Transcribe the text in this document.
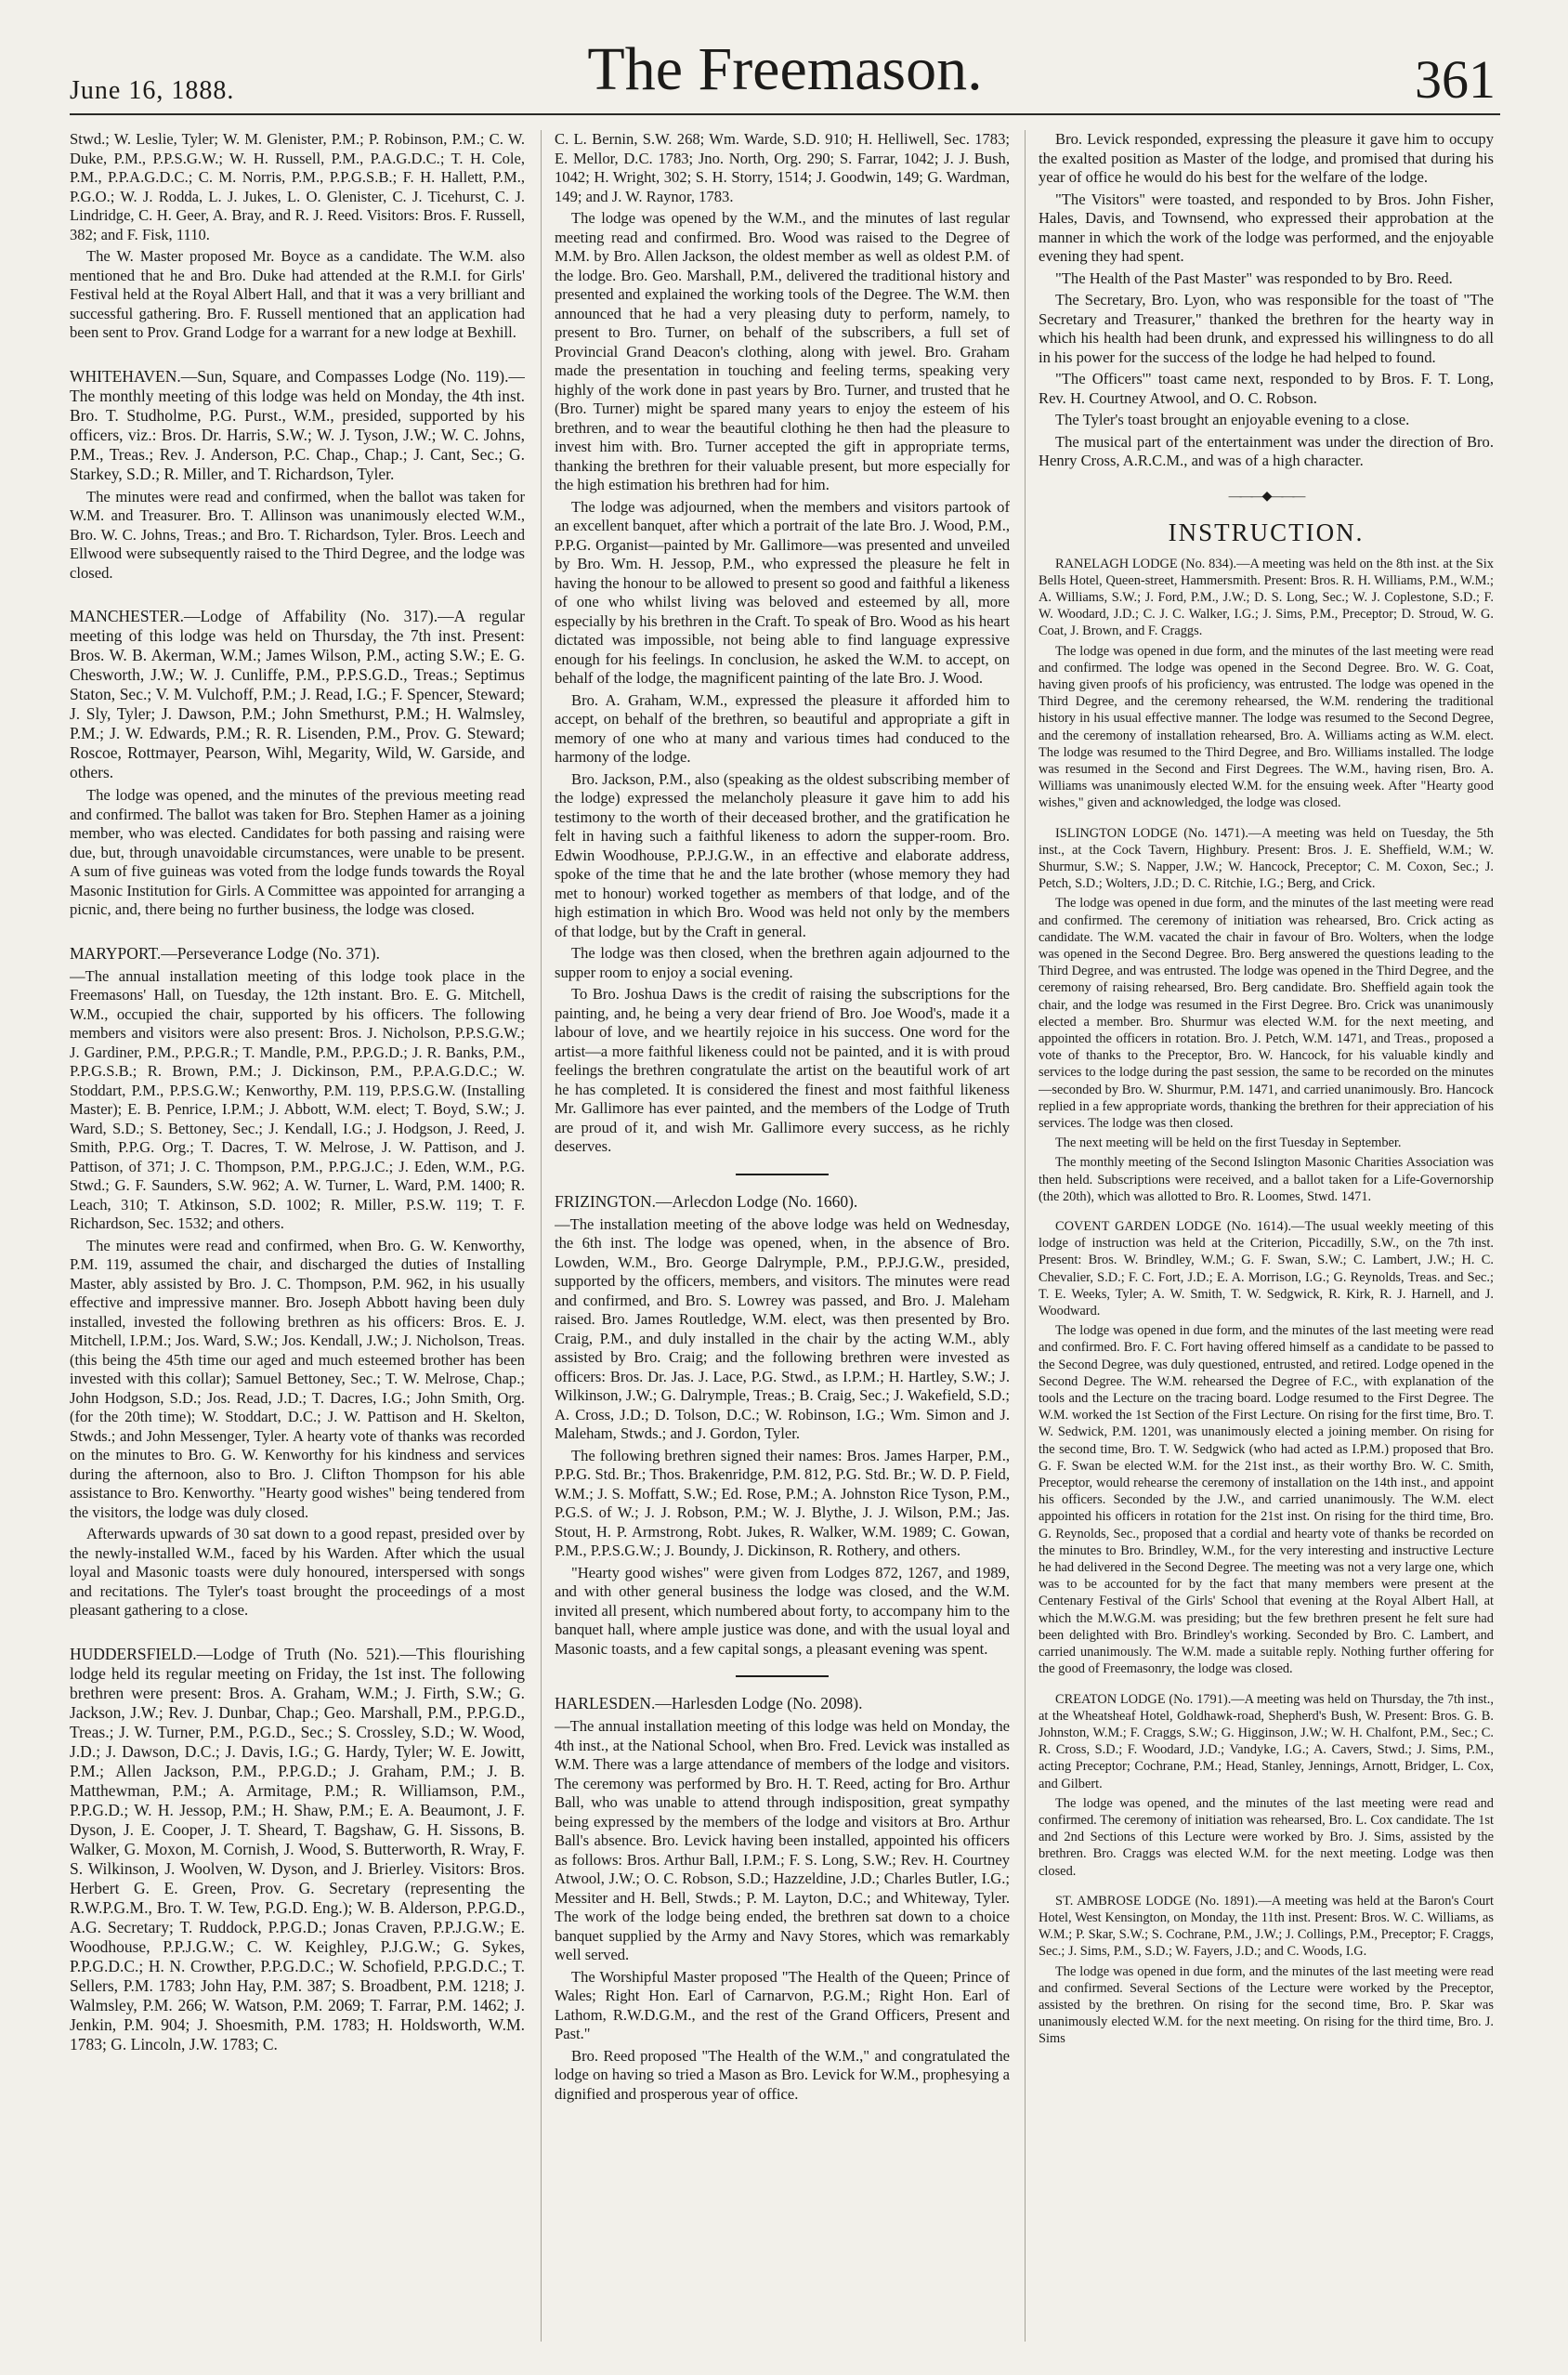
June 16, 1888.	The Freemason.	361

Stwd.; W. Leslie, Tyler; W. M. Glenister, P.M.; P. Robinson, P.M.; C. W. Duke, P.M., P.P.S.G.W.; W. H. Russell, P.M., P.A.G.D.C.; T. H. Cole, P.M., P.P.A.G.D.C.; C. M. Norris, P.M., P.P.G.S.B.; F. H. Hallett, P.M., P.G.O.; W. J. Rodda, L. J. Jukes, L. O. Glenister, C. J. Ticehurst, C. J. Lindridge, C. H. Geer, A. Bray, and R. J. Reed. Visitors: Bros. F. Russell, 382; and F. Fisk, 1110.

The W. Master proposed Mr. Boyce as a candidate. The W.M. also mentioned that he and Bro. Duke had attended at the R.M.I. for Girls' Festival held at the Royal Albert Hall, and that it was a very brilliant and successful gathering. Bro. F. Russell mentioned that an application had been sent to Prov. Grand Lodge for a warrant for a new lodge at Bexhill.

WHITEHAVEN.—Sun, Square, and Compasses Lodge (No. 119).—The monthly meeting of this lodge was held on Monday, the 4th inst. Bro. T. Studholme, P.G. Purst., W.M., presided, supported by his officers, viz.: Bros. Dr. Harris, S.W.; W. J. Tyson, J.W.; W. C. Johns, P.M., Treas.; Rev. J. Anderson, P.C. Chap., Chap.; J. Cant, Sec.; G. Starkey, S.D.; R. Miller, and T. Richardson, Tyler.

The minutes were read and confirmed, when the ballot was taken for W.M. and Treasurer. Bro. T. Allinson was unanimously elected W.M., Bro. W. C. Johns, Treas.; and Bro. T. Richardson, Tyler. Bros. Leech and Ellwood were subsequently raised to the Third Degree, and the lodge was closed.

MANCHESTER.—Lodge of Affability (No. 317).—A regular meeting of this lodge was held on Thursday, the 7th inst. Present: Bros. W. B. Akerman, W.M.; James Wilson, P.M., acting S.W.; E. G. Chesworth, J.W.; W. J. Cunliffe, P.M., P.P.S.G.D., Treas.; Septimus Staton, Sec.; V. M. Vulchoff, P.M.; J. Read, I.G.; F. Spencer, Steward; J. Sly, Tyler; J. Dawson, P.M.; John Smethurst, P.M.; H. Walmsley, P.M.; J. W. Edwards, P.M.; R. R. Lisenden, P.M., Prov. G. Steward; Roscoe, Rottmayer, Pearson, Wihl, Megarity, Wild, W. Garside, and others.

The lodge was opened, and the minutes of the previous meeting read and confirmed. The ballot was taken for Bro. Stephen Hamer as a joining member, who was elected. Candidates for both passing and raising were due, but, through unavoidable circumstances, were unable to be present. A sum of five guineas was voted from the lodge funds towards the Royal Masonic Institution for Girls. A Committee was appointed for arranging a picnic, and, there being no further business, the lodge was closed.

MARYPORT.—Perseverance Lodge (No. 371).

—The annual installation meeting of this lodge took place in the Freemasons' Hall, on Tuesday, the 12th instant. Bro. E. G. Mitchell, W.M., occupied the chair, supported by his officers. The following members and visitors were also present: Bros. J. Nicholson, P.P.S.G.W.; J. Gardiner, P.M., P.P.G.R.; T. Mandle, P.M., P.P.G.D.; J. R. Banks, P.M., P.P.G.S.B.; R. Brown, P.M.; J. Dickinson, P.M., P.P.A.G.D.C.; W. Stoddart, P.M., P.P.S.G.W.; Kenworthy, P.M. 119, P.P.S.G.W. (Installing Master); E. B. Penrice, I.P.M.; J. Abbott, W.M. elect; T. Boyd, S.W.; J. Ward, S.D.; S. Bettoney, Sec.; J. Kendall, I.G.; J. Hodgson, J. Reed, J. Smith, P.P.G. Org.; T. Dacres, T. W. Melrose, J. W. Pattison, and J. Pattison, of 371; J. C. Thompson, P.M., P.P.G.J.C.; J. Eden, W.M., P.G. Stwd.; G. F. Saunders, S.W. 962; A. W. Turner, L. Ward, P.M. 1400; R. Leach, 310; T. Atkinson, S.D. 1002; R. Miller, P.S.W. 119; T. F. Richardson, Sec. 1532; and others.

The minutes were read and confirmed, when Bro. G. W. Kenworthy, P.M. 119, assumed the chair, and discharged the duties of Installing Master, ably assisted by Bro. J. C. Thompson, P.M. 962, in his usually effective and impressive manner. Bro. Joseph Abbott having been duly installed, invested the following brethren as his officers: Bros. E. J. Mitchell, I.P.M.; Jos. Ward, S.W.; Jos. Kendall, J.W.; J. Nicholson, Treas. (this being the 45th time our aged and much esteemed brother has been invested with this collar); Samuel Bettoney, Sec.; T. W. Melrose, Chap.; John Hodgson, S.D.; Jos. Read, J.D.; T. Dacres, I.G.; John Smith, Org. (for the 20th time); W. Stoddart, D.C.; J. W. Pattison and H. Skelton, Stwds.; and John Messenger, Tyler. A hearty vote of thanks was recorded on the minutes to Bro. G. W. Kenworthy for his kindness and services during the afternoon, also to Bro. J. Clifton Thompson for his able assistance to Bro. Kenworthy. "Hearty good wishes" being tendered from the visitors, the lodge was duly closed.

Afterwards upwards of 30 sat down to a good repast, presided over by the newly-installed W.M., faced by his Warden. After which the usual loyal and Masonic toasts were duly honoured, interspersed with songs and recitations. The Tyler's toast brought the proceedings of a most pleasant gathering to a close.

HUDDERSFIELD.—Lodge of Truth (No. 521).—This flourishing lodge held its regular meeting on Friday, the 1st inst. The following brethren were present: Bros. A. Graham, W.M.; J. Firth, S.W.; G. Jackson, J.W.; Rev. J. Dunbar, Chap.; Geo. Marshall, P.M., P.P.G.D., Treas.; J. W. Turner, P.M., P.G.D., Sec.; S. Crossley, S.D.; W. Wood, J.D.; J. Dawson, D.C.; J. Davis, I.G.; G. Hardy, Tyler; W. E. Jowitt, P.M.; Allen Jackson, P.M., P.P.G.D.; J. Graham, P.M.; J. B. Matthewman, P.M.; A. Armitage, P.M.; R. Williamson, P.M., P.P.G.D.; W. H. Jessop, P.M.; H. Shaw, P.M.; E. A. Beaumont, J. F. Dyson, J. E. Cooper, J. T. Sheard, T. Bagshaw, G. H. Sissons, B. Walker, G. Moxon, M. Cornish, J. Wood, S. Butterworth, R. Wray, F. S. Wilkinson, J. Woolven, W. Dyson, and J. Brierley. Visitors: Bros. Herbert G. E. Green, Prov. G. Secretary (representing the R.W.P.G.M., Bro. T. W. Tew, P.G.D. Eng.); W. B. Alderson, P.P.G.D., A.G. Secretary; T. Ruddock, P.P.G.D.; Jonas Craven, P.P.J.G.W.; E. Woodhouse, P.P.J.G.W.; C. W. Keighley, P.J.G.W.; G. Sykes, P.P.G.D.C.; H. N. Crowther, P.P.G.D.C.; W. Schofield, P.P.G.D.C.; T. Sellers, P.M. 1783; John Hay, P.M. 387; S. Broadbent, P.M. 1218; J. Walmsley, P.M. 266; W. Watson, P.M. 2069; T. Farrar, P.M. 1462; J. Jenkin, P.M. 904; J. Shoesmith, P.M. 1783; H. Holdsworth, W.M. 1783; G. Lincoln, J.W. 1783; C.

C. L. Bernin, S.W. 268; Wm. Warde, S.D. 910; H. Helliwell, Sec. 1783; E. Mellor, D.C. 1783; Jno. North, Org. 290; S. Farrar, 1042; J. J. Bush, 1042; H. Wright, 302; S. H. Storry, 1514; J. Goodwin, 149; G. Wardman, 149; and J. W. Raynor, 1783.

The lodge was opened by the W.M., and the minutes of last regular meeting read and confirmed. Bro. Wood was raised to the Degree of M.M. by Bro. Allen Jackson, the oldest member as well as oldest P.M. of the lodge. Bro. Geo. Marshall, P.M., delivered the traditional history and presented and explained the working tools of the Degree. The W.M. then announced that he had a very pleasing duty to perform, namely, to present to Bro. Turner, on behalf of the subscribers, a full set of Provincial Grand Deacon's clothing, along with jewel. Bro. Graham made the presentation in touching and feeling terms, speaking very highly of the work done in past years by Bro. Turner, and trusted that he (Bro. Turner) might be spared many years to enjoy the esteem of his brethren, and to wear the beautiful clothing he then had the pleasure to invest him with. Bro. Turner accepted the gift in appropriate terms, thanking the brethren for their valuable present, but more especially for the high estimation his brethren had for him.

The lodge was adjourned, when the members and visitors partook of an excellent banquet, after which a portrait of the late Bro. J. Wood, P.M., P.P.G. Organist—painted by Mr. Gallimore—was presented and unveiled by Bro. Wm. H. Jessop, P.M., who expressed the pleasure he felt in having the honour to be allowed to present so good and faithful a likeness of one who whilst living was beloved and esteemed by all, more especially by his brethren in the Craft. To speak of Bro. Wood as his heart dictated was impossible, not being able to find language expressive enough for his feelings. In conclusion, he asked the W.M. to accept, on behalf of the lodge, the magnificent painting of the late Bro. J. Wood.

Bro. A. Graham, W.M., expressed the pleasure it afforded him to accept, on behalf of the brethren, so beautiful and appropriate a gift in memory of one who at many and various times had conduced to the harmony of the lodge.

Bro. Jackson, P.M., also (speaking as the oldest subscribing member of the lodge) expressed the melancholy pleasure it gave him to add his testimony to the worth of their deceased brother, and the gratification he felt in having such a faithful likeness to adorn the supper-room. Bro. Edwin Woodhouse, P.P.J.G.W., in an effective and elaborate address, spoke of the time that he and the late brother (whose memory they had met to honour) worked together as members of that lodge, and of the high estimation in which Bro. Wood was held not only by the members of that lodge, but by the Craft in general.

The lodge was then closed, when the brethren again adjourned to the supper room to enjoy a social evening.

To Bro. Joshua Daws is the credit of raising the subscriptions for the painting, and, he being a very dear friend of Bro. Joe Wood's, made it a labour of love, and we heartily rejoice in his success. One word for the artist—a more faithful likeness could not be painted, and it is with proud feelings the brethren congratulate the artist on the beautiful work of art he has completed. It is considered the finest and most faithful likeness Mr. Gallimore has ever painted, and the members of the Lodge of Truth are proud of it, and wish Mr. Gallimore every success, as he richly deserves.

FRIZINGTON.—Arlecdon Lodge (No. 1660).

—The installation meeting of the above lodge was held on Wednesday, the 6th inst. The lodge was opened, when, in the absence of Bro. Lowden, W.M., Bro. George Dalrymple, P.M., P.P.J.G.W., presided, supported by the officers, members, and visitors. The minutes were read and confirmed, and Bro. S. Lowrey was passed, and Bro. J. Maleham raised. Bro. James Routledge, W.M. elect, was then presented by Bro. Craig, P.M., and duly installed in the chair by the acting W.M., ably assisted by Bro. Craig; and the following brethren were invested as officers: Bros. Dr. Jas. J. Lace, P.G. Stwd., as I.P.M.; H. Hartley, S.W.; J. Wilkinson, J.W.; G. Dalrymple, Treas.; B. Craig, Sec.; J. Wakefield, S.D.; A. Cross, J.D.; D. Tolson, D.C.; W. Robinson, I.G.; Wm. Simon and J. Maleham, Stwds.; and J. Gordon, Tyler.

The following brethren signed their names: Bros. James Harper, P.M., P.P.G. Std. Br.; Thos. Brakenridge, P.M. 812, P.G. Std. Br.; W. D. P. Field, W.M.; J. S. Moffatt, S.W.; Ed. Rose, P.M.; A. Johnston Rice Tyson, P.M., P.G.S. of W.; J. J. Robson, P.M.; W. J. Blythe, J. J. Wilson, P.M.; Jas. Stout, H. P. Armstrong, Robt. Jukes, R. Walker, W.M. 1989; C. Gowan, P.M., P.P.S.G.W.; J. Boundy, J. Dickinson, R. Rothery, and others.

"Hearty good wishes" were given from Lodges 872, 1267, and 1989, and with other general business the lodge was closed, and the W.M. invited all present, which numbered about forty, to accompany him to the banquet hall, where ample justice was done, and with the usual loyal and Masonic toasts, and a few capital songs, a pleasant evening was spent.

HARLESDEN.—Harlesden Lodge (No. 2098).

—The annual installation meeting of this lodge was held on Monday, the 4th inst., at the National School, when Bro. Fred. Levick was installed as W.M. There was a large attendance of members of the lodge and visitors. The ceremony was performed by Bro. H. T. Reed, acting for Bro. Arthur Ball, who was unable to attend through indisposition, great sympathy being expressed by the members of the lodge and visitors at Bro. Arthur Ball's absence. Bro. Levick having been installed, appointed his officers as follows: Bros. Arthur Ball, I.P.M.; F. S. Long, S.W.; Rev. H. Courtney Atwool, J.W.; O. C. Robson, S.D.; Hazzeldine, J.D.; Charles Butler, I.G.; Messiter and H. Bell, Stwds.; P. M. Layton, D.C.; and Whiteway, Tyler. The work of the lodge being ended, the brethren sat down to a choice banquet supplied by the Army and Navy Stores, which was remarkably well served.

The Worshipful Master proposed "The Health of the Queen; Prince of Wales; Right Hon. Earl of Carnarvon, P.G.M.; Right Hon. Earl of Lathom, R.W.D.G.M., and the rest of the Grand Officers, Present and Past."

Bro. Reed proposed "The Health of the W.M.," and congratulated the lodge on having so tried a Mason as Bro. Levick for W.M., prophesying a dignified and prosperous year of office.

Bro. Levick responded, expressing the pleasure it gave him to occupy the exalted position as Master of the lodge, and promised that during his year of office he would do his best for the welfare of the lodge.

"The Visitors" were toasted, and responded to by Bros. John Fisher, Hales, Davis, and Townsend, who expressed their approbation at the manner in which the work of the lodge was performed, and the enjoyable evening they had spent.

"The Health of the Past Master" was responded to by Bro. Reed.

The Secretary, Bro. Lyon, who was responsible for the toast of "The Secretary and Treasurer," thanked the brethren for the hearty way in which his health had been drunk, and expressed his willingness to do all in his power for the success of the lodge he had helped to found.

"The Officers'" toast came next, responded to by Bros. F. T. Long, Rev. H. Courtney Atwool, and O. C. Robson.

The Tyler's toast brought an enjoyable evening to a close.

The musical part of the entertainment was under the direction of Bro. Henry Cross, A.R.C.M., and was of a high character.

———◆———
INSTRUCTION.

RANELAGH LODGE (No. 834).—A meeting was held on the 8th inst. at the Six Bells Hotel, Queen-street, Hammersmith. Present: Bros. R. H. Williams, P.M., W.M.; A. Williams, S.W.; J. Ford, P.M., J.W.; D. S. Long, Sec.; W. J. Coplestone, S.D.; F. W. Woodard, J.D.; C. J. C. Walker, I.G.; J. Sims, P.M., Preceptor; D. Stroud, W. G. Coat, J. Brown, and F. Craggs.

The lodge was opened in due form, and the minutes of the last meeting were read and confirmed. The lodge was opened in the Second Degree. Bro. W. G. Coat, having given proofs of his proficiency, was entrusted. The lodge was opened in the Third Degree, and the ceremony rehearsed, the W.M. rendering the traditional history in his usual effective manner. The lodge was resumed to the Second Degree, and the ceremony of installation rehearsed, Bro. A. Williams acting as W.M. elect. The lodge was resumed to the Third Degree, and Bro. Williams installed. The lodge was resumed in the Second and First Degrees. The W.M., having risen, Bro. A. Williams was unanimously elected W.M. for the ensuing week. After "Hearty good wishes," given and acknowledged, the lodge was closed.

ISLINGTON LODGE (No. 1471).—A meeting was held on Tuesday, the 5th inst., at the Cock Tavern, Highbury. Present: Bros. J. E. Sheffield, W.M.; W. Shurmur, S.W.; S. Napper, J.W.; W. Hancock, Preceptor; C. M. Coxon, Sec.; J. Petch, S.D.; Wolters, J.D.; D. C. Ritchie, I.G.; Berg, and Crick.

The lodge was opened in due form, and the minutes of the last meeting were read and confirmed. The ceremony of initiation was rehearsed, Bro. Crick acting as candidate. The W.M. vacated the chair in favour of Bro. Wolters, when the lodge was opened in the Second Degree. Bro. Berg answered the questions leading to the Third Degree, and was entrusted. The lodge was opened in the Third Degree, and the ceremony of raising rehearsed, Bro. Berg candidate. Bro. Sheffield again took the chair, and the lodge was resumed in the First Degree. Bro. Crick was unanimously elected a member. Bro. Shurmur was elected W.M. for the next meeting, and appointed the officers in rotation. Bro. J. Petch, W.M. 1471, and Treas., proposed a vote of thanks to the Preceptor, Bro. W. Hancock, for his valuable kindly and services to the lodge during the past session, the same to be recorded on the minutes—seconded by Bro. W. Shurmur, P.M. 1471, and carried unanimously. Bro. Hancock replied in a few appropriate words, thanking the brethren for their appreciation of his services. The lodge was then closed.

The next meeting will be held on the first Tuesday in September.

The monthly meeting of the Second Islington Masonic Charities Association was then held. Subscriptions were received, and a ballot taken for a Life-Governorship (the 20th), which was allotted to Bro. R. Loomes, Stwd. 1471.

COVENT GARDEN LODGE (No. 1614).—The usual weekly meeting of this lodge of instruction was held at the Criterion, Piccadilly, S.W., on the 7th inst. Present: Bros. W. Brindley, W.M.; G. F. Swan, S.W.; C. Lambert, J.W.; H. C. Chevalier, S.D.; F. C. Fort, J.D.; E. A. Morrison, I.G.; G. Reynolds, Treas. and Sec.; T. E. Weeks, Tyler; A. W. Smith, T. W. Sedgwick, R. Kirk, R. J. Harnell, and J. Woodward.

The lodge was opened in due form, and the minutes of the last meeting were read and confirmed. Bro. F. C. Fort having offered himself as a candidate to be passed to the Second Degree, was duly questioned, entrusted, and retired. Lodge opened in the Second Degree. The W.M. rehearsed the Degree of F.C., with explanation of the tools and the Lecture on the tracing board. Lodge resumed to the First Degree. The W.M. worked the 1st Section of the First Lecture. On rising for the first time, Bro. T. W. Sedwick, P.M. 1201, was unanimously elected a joining member. On rising for the second time, Bro. T. W. Sedgwick (who had acted as I.P.M.) proposed that Bro. G. F. Swan be elected W.M. for the 21st inst., as their worthy Bro. W. C. Smith, Preceptor, would rehearse the ceremony of installation on the 14th inst., and appoint his officers. Seconded by the J.W., and carried unanimously. The W.M. elect appointed his officers in rotation for the 21st inst. On rising for the third time, Bro. G. Reynolds, Sec., proposed that a cordial and hearty vote of thanks be recorded on the minutes to Bro. Brindley, W.M., for the very interesting and instructive Lecture he had delivered in the Second Degree. The meeting was not a very large one, which was to be accounted for by the fact that many members were present at the Centenary Festival of the Girls' School that evening at the Royal Albert Hall, at which the M.W.G.M. was presiding; but the few brethren present he felt sure had been delighted with Bro. Brindley's working. Seconded by Bro. C. Lambert, and carried unanimously. The W.M. made a suitable reply. Nothing further offering for the good of Freemasonry, the lodge was closed.

CREATON LODGE (No. 1791).—A meeting was held on Thursday, the 7th inst., at the Wheatsheaf Hotel, Goldhawk-road, Shepherd's Bush, W. Present: Bros. G. B. Johnston, W.M.; F. Craggs, S.W.; G. Higginson, J.W.; W. H. Chalfont, P.M., Sec.; C. R. Cross, S.D.; F. Woodard, J.D.; Vandyke, I.G.; A. Cavers, Stwd.; J. Sims, P.M., acting Preceptor; Cochrane, P.M.; Head, Stanley, Jennings, Arnott, Bridger, L. Cox, and Gilbert.

The lodge was opened, and the minutes of the last meeting were read and confirmed. The ceremony of initiation was rehearsed, Bro. L. Cox candidate. The 1st and 2nd Sections of this Lecture were worked by Bro. J. Sims, assisted by the brethren. Bro. Craggs was elected W.M. for the next meeting. Lodge was then closed.

ST. AMBROSE LODGE (No. 1891).—A meeting was held at the Baron's Court Hotel, West Kensington, on Monday, the 11th inst. Present: Bros. W. C. Williams, as W.M.; P. Skar, S.W.; S. Cochrane, P.M., J.W.; J. Collings, P.M., Preceptor; F. Craggs, Sec.; J. Sims, P.M., S.D.; W. Fayers, J.D.; and C. Woods, I.G.

The lodge was opened in due form, and the minutes of the last meeting were read and confirmed. Several Sections of the Lecture were worked by the Preceptor, assisted by the brethren. On rising for the second time, Bro. P. Skar was unanimously elected W.M. for the next meeting. On rising for the third time, Bro. J. Sims
